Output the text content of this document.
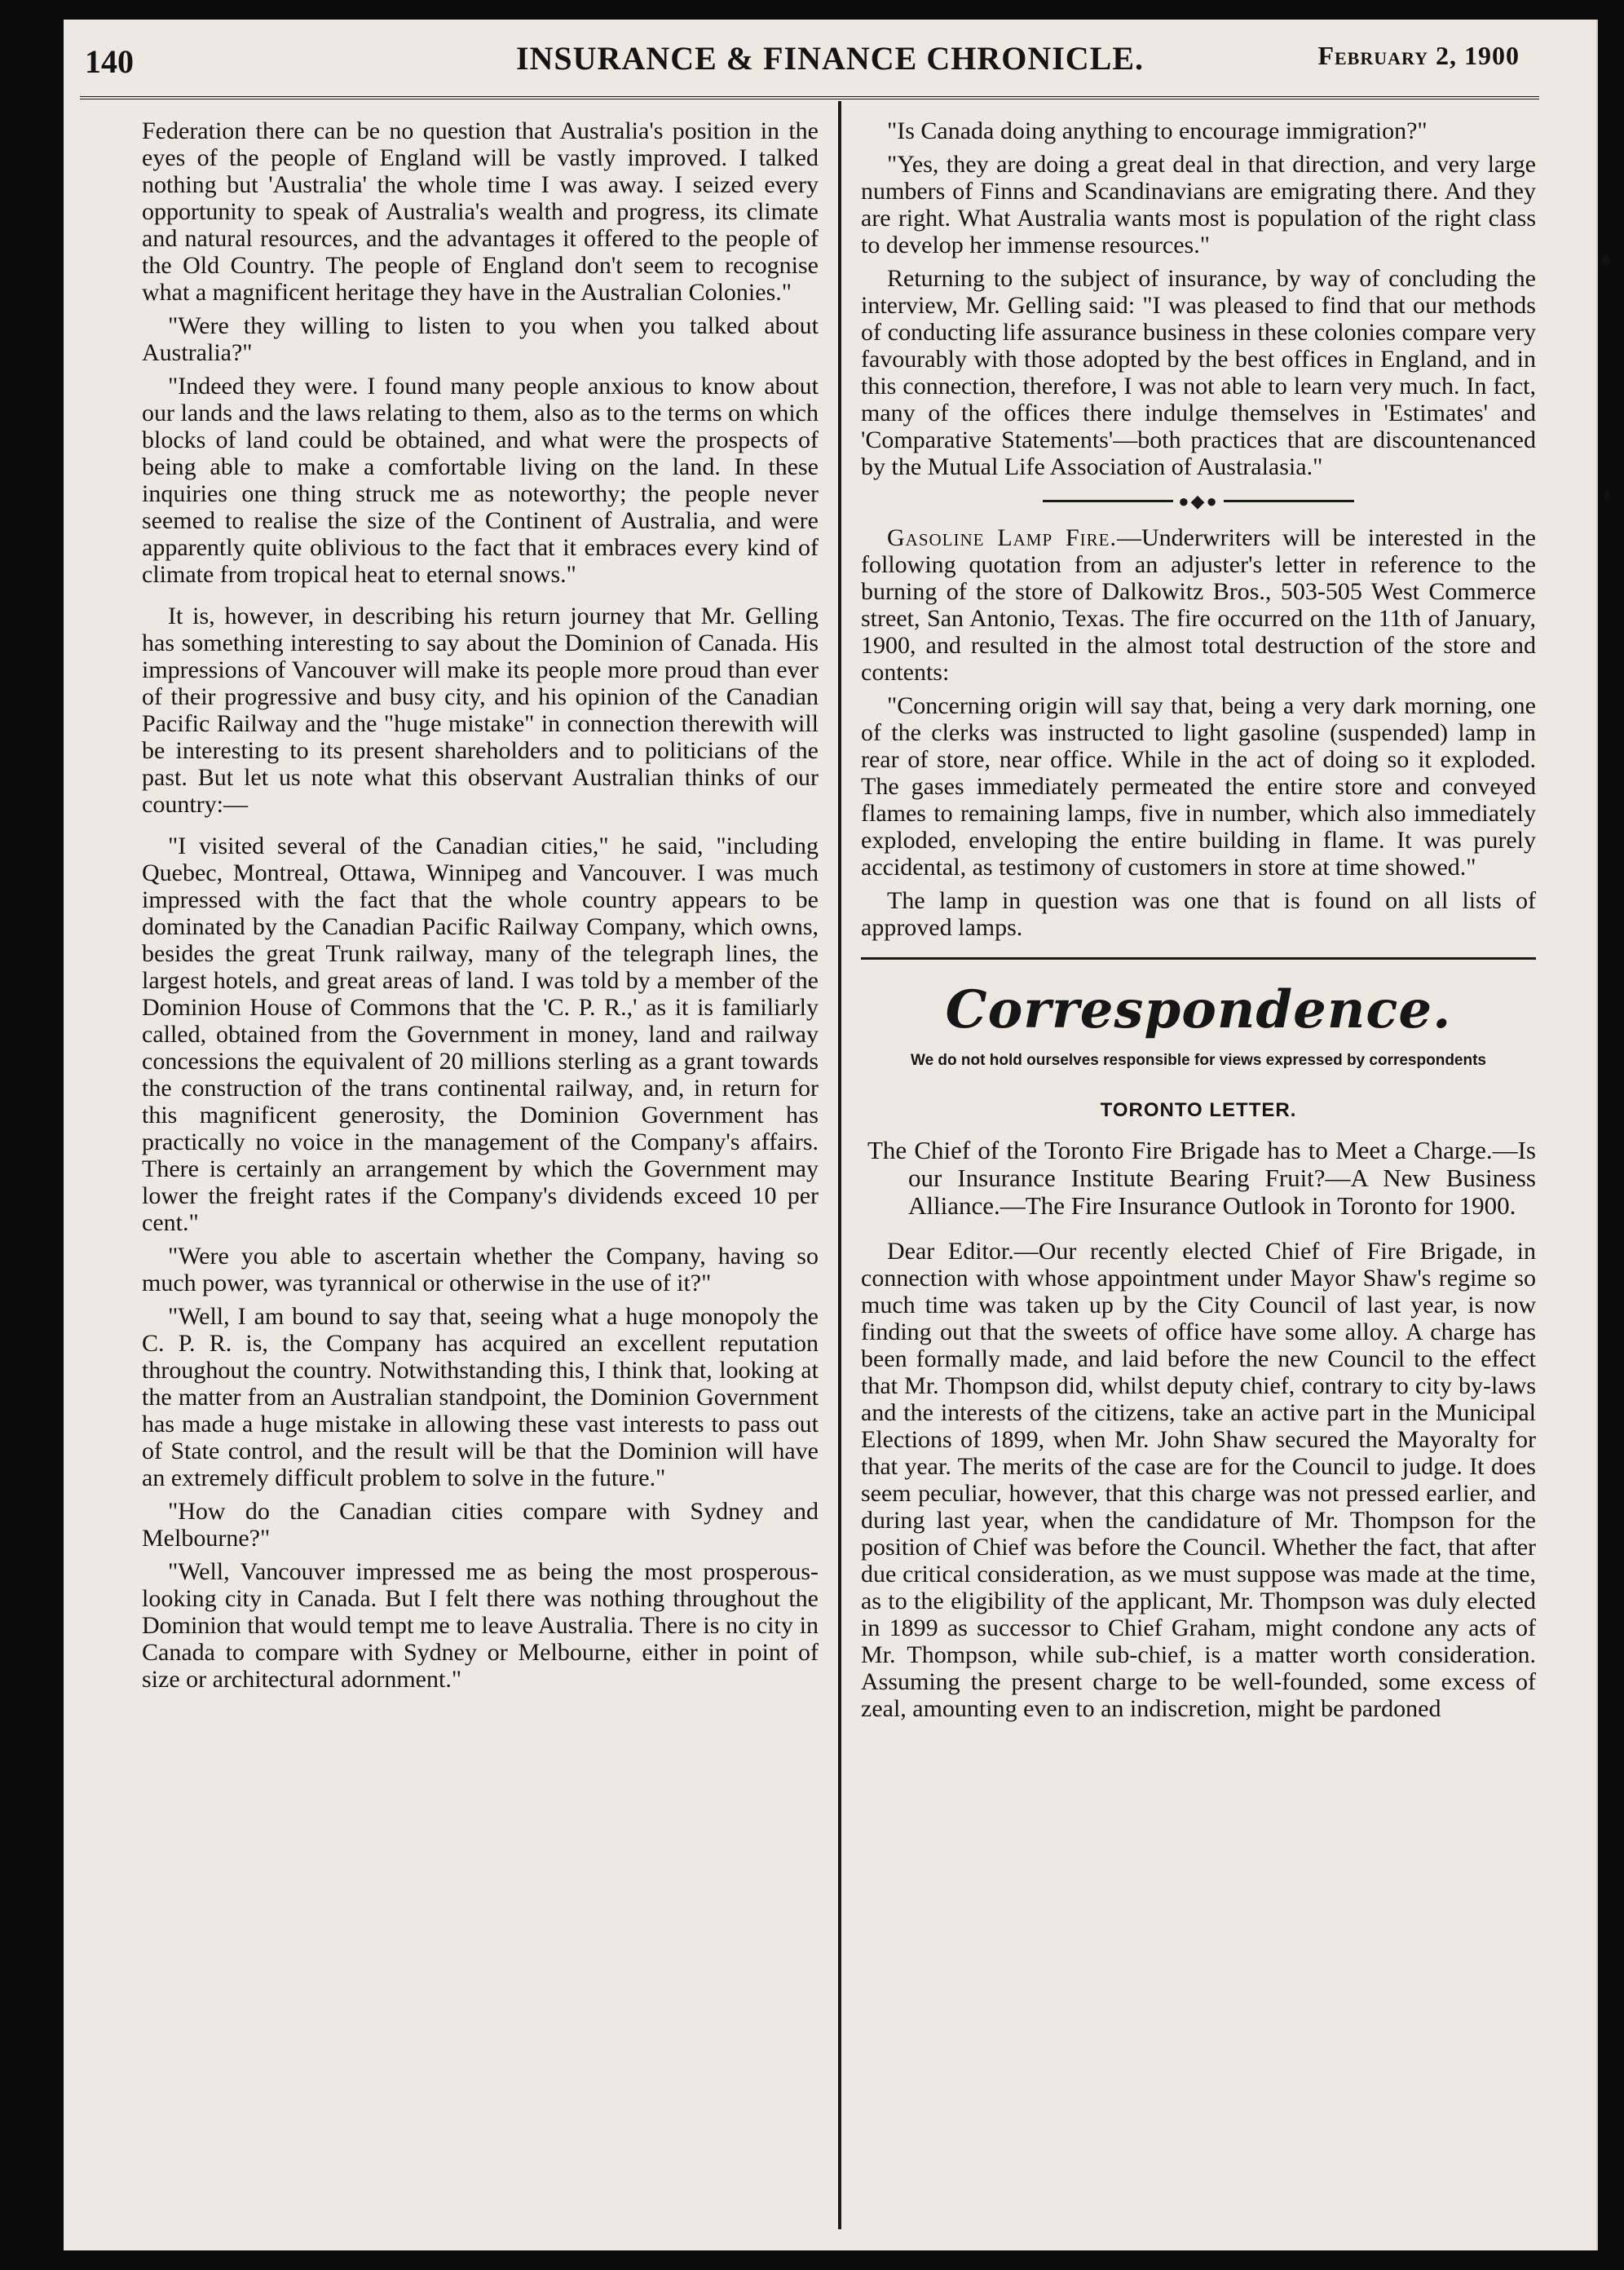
140	INSURANCE & FINANCE CHRONICLE.	February 2, 1900

Federation there can be no question that Australia's position in the eyes of the people of England will be vastly improved. I talked nothing but 'Australia' the whole time I was away. I seized every opportunity to speak of Australia's wealth and progress, its climate and natural resources, and the advantages it offered to the people of the Old Country. The people of England don't seem to recognise what a magnificent heritage they have in the Australian Colonies."

"Were they willing to listen to you when you talked about Australia?"

"Indeed they were. I found many people anxious to know about our lands and the laws relating to them, also as to the terms on which blocks of land could be obtained, and what were the prospects of being able to make a comfortable living on the land. In these inquiries one thing struck me as noteworthy; the people never seemed to realise the size of the Continent of Australia, and were apparently quite oblivious to the fact that it embraces every kind of climate from tropical heat to eternal snows."

It is, however, in describing his return journey that Mr. Gelling has something interesting to say about the Dominion of Canada. His impressions of Vancouver will make its people more proud than ever of their progressive and busy city, and his opinion of the Canadian Pacific Railway and the "huge mistake" in connection therewith will be interesting to its present shareholders and to politicians of the past. But let us note what this observant Australian thinks of our country:—

"I visited several of the Canadian cities," he said, "including Quebec, Montreal, Ottawa, Winnipeg and Vancouver. I was much impressed with the fact that the whole country appears to be dominated by the Canadian Pacific Railway Company, which owns, besides the great Trunk railway, many of the telegraph lines, the largest hotels, and great areas of land. I was told by a member of the Dominion House of Commons that the 'C. P. R.,' as it is familiarly called, obtained from the Government in money, land and railway concessions the equivalent of 20 millions sterling as a grant towards the construction of the trans continental railway, and, in return for this magnificent generosity, the Dominion Government has practically no voice in the management of the Company's affairs. There is certainly an arrangement by which the Government may lower the freight rates if the Company's dividends exceed 10 per cent."

"Were you able to ascertain whether the Company, having so much power, was tyrannical or otherwise in the use of it?"

"Well, I am bound to say that, seeing what a huge monopoly the C. P. R. is, the Company has acquired an excellent reputation throughout the country. Notwithstanding this, I think that, looking at the matter from an Australian standpoint, the Dominion Government has made a huge mistake in allowing these vast interests to pass out of State control, and the result will be that the Dominion will have an extremely difficult problem to solve in the future."

"How do the Canadian cities compare with Sydney and Melbourne?"

"Well, Vancouver impressed me as being the most prosperous-looking city in Canada. But I felt there was nothing throughout the Dominion that would tempt me to leave Australia. There is no city in Canada to compare with Sydney or Melbourne, either in point of size or architectural adornment."

"Is Canada doing anything to encourage immigration?"

"Yes, they are doing a great deal in that direction, and very large numbers of Finns and Scandinavians are emigrating there. And they are right. What Australia wants most is population of the right class to develop her immense resources."

Returning to the subject of insurance, by way of concluding the interview, Mr. Gelling said: "I was pleased to find that our methods of conducting life assurance business in these colonies compare very favourably with those adopted by the best offices in England, and in this connection, therefore, I was not able to learn very much. In fact, many of the offices there indulge themselves in 'Estimates' and 'Comparative Statements'—both practices that are discountenanced by the Mutual Life Association of Australasia."

●◆●

Gasoline Lamp Fire.—Underwriters will be interested in the following quotation from an adjuster's letter in reference to the burning of the store of Dalkowitz Bros., 503-505 West Commerce street, San Antonio, Texas. The fire occurred on the 11th of January, 1900, and resulted in the almost total destruction of the store and contents:

"Concerning origin will say that, being a very dark morning, one of the clerks was instructed to light gasoline (suspended) lamp in rear of store, near office. While in the act of doing so it exploded. The gases immediately permeated the entire store and conveyed flames to remaining lamps, five in number, which also immediately exploded, enveloping the entire building in flame. It was purely accidental, as testimony of customers in store at time showed."

The lamp in question was one that is found on all lists of approved lamps.

Correspondence.
We do not hold ourselves responsible for views expressed by correspondents
TORONTO LETTER.

The Chief of the Toronto Fire Brigade has to Meet a Charge.—Is our Insurance Institute Bearing Fruit?—A New Business Alliance.—The Fire Insurance Outlook in Toronto for 1900.

Dear Editor.—Our recently elected Chief of Fire Brigade, in connection with whose appointment under Mayor Shaw's regime so much time was taken up by the City Council of last year, is now finding out that the sweets of office have some alloy. A charge has been formally made, and laid before the new Council to the effect that Mr. Thompson did, whilst deputy chief, contrary to city by-laws and the interests of the citizens, take an active part in the Municipal Elections of 1899, when Mr. John Shaw secured the Mayoralty for that year. The merits of the case are for the Council to judge. It does seem peculiar, however, that this charge was not pressed earlier, and during last year, when the candidature of Mr. Thompson for the position of Chief was before the Council. Whether the fact, that after due critical consideration, as we must suppose was made at the time, as to the eligibility of the applicant, Mr. Thompson was duly elected in 1899 as successor to Chief Graham, might condone any acts of Mr. Thompson, while sub-chief, is a matter worth consideration. Assuming the present charge to be well-founded, some excess of zeal, amounting even to an indiscretion, might be pardoned
